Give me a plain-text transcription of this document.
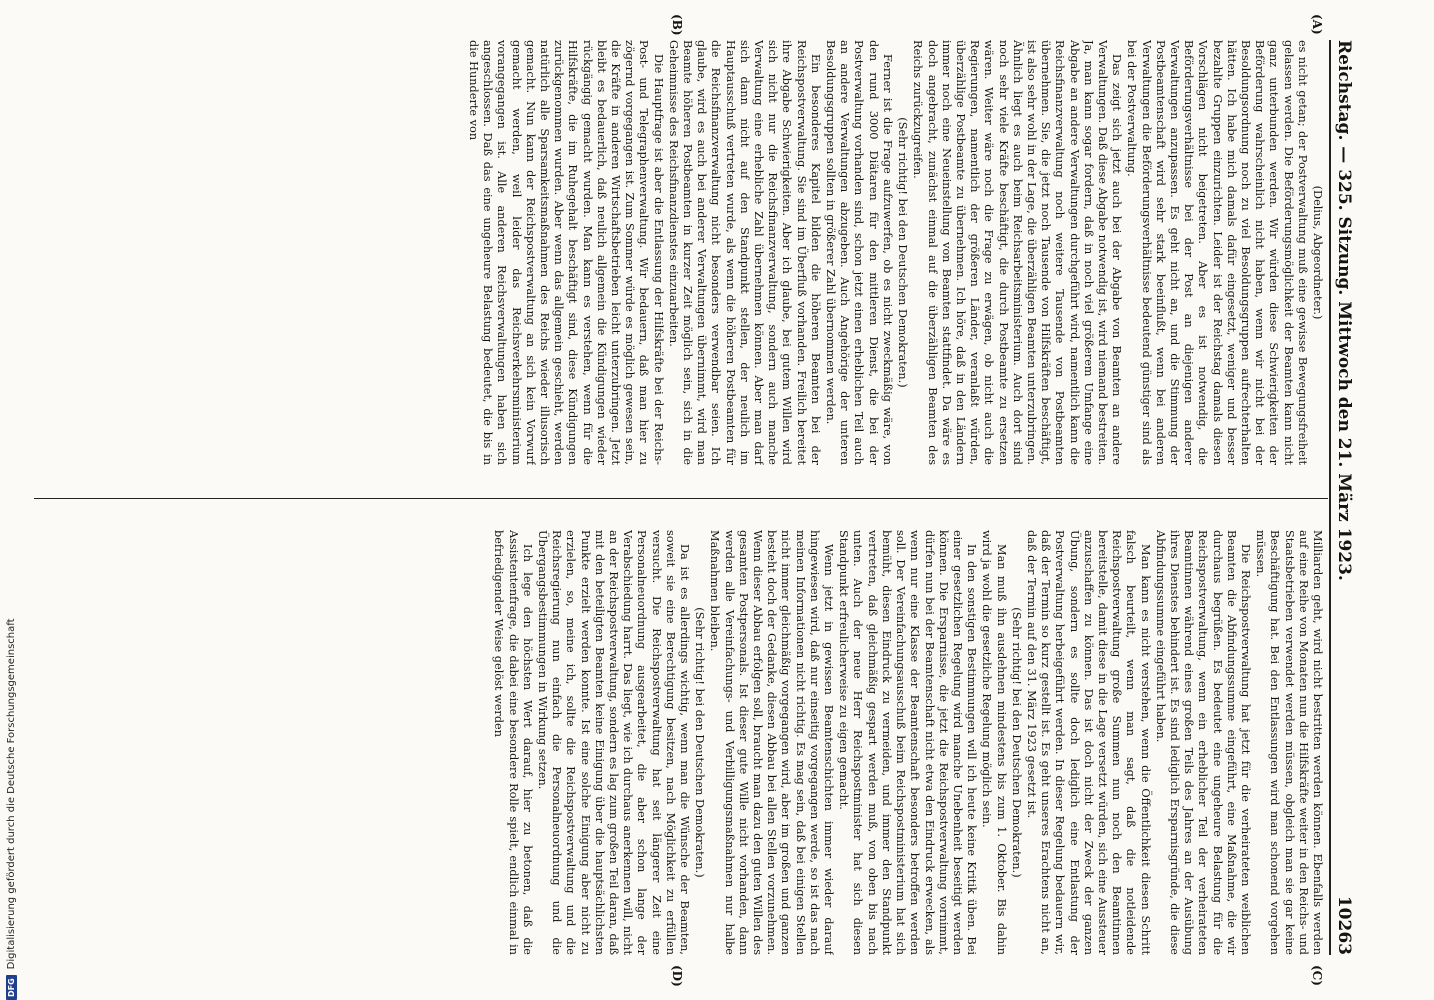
Reichstag. — 325. Sitzung. Mittwoch den 21. März 1923.
10263
(A)
(B)
(C)
(D)

(Delius, Abgeordneter.)

es nicht getan; der Postverwaltung muß eine gewisse Bewegungsfreiheit gelassen werden. Die Beförderungsmöglichkeit der Beamten kann nicht ganz unterbunden werden. Wir würden diese Schwierigkeiten der Beförderung wahrscheinlich nicht haben, wenn wir nicht bei der Besoldungsordnung noch zu viel Besoldungsgruppen aufrechterhalten hätten. Ich habe mich damals dafür eingesetzt, weniger und besser bezahlte Gruppen einzurichten. Leider ist der Reichstag damals diesen Vorschlägen nicht beigetreten. Aber es ist notwendig, die Beförderungsverhältnisse bei der Post an diejenigen anderer Verwaltungen anzupassen. Es geht nicht an, und die Stimmung der Postbeamtenschaft wird sehr stark beeinflußt, wenn bei anderen Verwaltungen die Beförderungsverhältnisse bedeutend günstiger sind als bei der Postverwaltung.

Das zeigt sich jetzt auch bei der Abgabe von Beamten an andere Verwaltungen. Daß diese Abgabe notwendig ist, wird niemand bestreiten. Ja, man kann sogar fordern, daß in noch viel größerem Umfange eine Abgabe an andere Verwaltungen durchgeführt wird, namentlich kann die Reichsfinanzverwaltung noch weitere Tausende von Postbeamten übernehmen. Sie, die jetzt noch Tausende von Hilfskräften beschäftigt, ist also sehr wohl in der Lage, die überzähligen Beamten unterzubringen. Ähnlich liegt es auch beim Reichsarbeitsministerium. Auch dort sind noch sehr viele Kräfte beschäftigt, die durch Postbeamte zu ersetzen wären. Weiter wäre noch die Frage zu erwägen, ob nicht auch die Regierungen, namentlich der größeren Länder, veranlaßt würden, überzählige Postbeamte zu übernehmen. Ich höre, daß in den Ländern immer noch eine Neueinstellung von Beamten stattfindet. Da wäre es doch angebracht, zunächst einmal auf die überzähligen Beamten des Reichs zurückzugreifen.

(Sehr richtig! bei den Deutschen Demokraten.)

Ferner ist die Frage aufzuwerfen, ob es nicht zweckmäßig wäre, von den rund 3000 Diätaren für den mittleren Dienst, die bei der Postverwaltung vorhanden sind, schon jetzt einen erheblichen Teil auch an andere Verwaltungen abzugeben. Auch Angehörige der unteren Besoldungsgruppen sollten in größerer Zahl übernommen werden.

Ein besonderes Kapitel bilden die höheren Beamten bei der Reichspostverwaltung. Sie sind im Überfluß vorhanden. Freilich bereitet ihre Abgabe Schwierigkeiten. Aber ich glaube, bei gutem Willen wird sich nicht nur die Reichsfinanzverwaltung, sondern auch manche Verwaltung eine erhebliche Zahl übernehmen können. Aber man darf sich dann nicht auf den Standpunkt stellen, der neulich im Hauptausschuß vertreten wurde, als wenn die höheren Postbeamten für die Reichsfinanzverwaltung nicht besonders verwendbar seien. Ich glaube, wird es auch bei anderer Verwaltungen übernimmt, wird man Beamte höheren Postbeamten in kurzer Zeit möglich sein, sich in die Geheimnisse des Reichsfinanzdienstes einzuarbeiten.

Die Hauptfrage ist aber die Entlassung der Hilfskräfte bei der Reichs-Post- und Telegraphenverwaltung. Wir bedauern, daß man hier zu zögernd vorgegangen ist. Zum Sommer würde es möglich gewesen sein, die Kräfte in anderen Wirtschaftsbetrieben leicht unterzubringen. Jetzt bleibt es bedauerlich, daß neulich allgemein die Kündigungen wieder rückgängig gemacht wurden. Man kann es verstehen, wenn für die Hilfskräfte, die im Ruhegehalt beschäftigt sind, diese Kündigungen zurückgenommen wurden. Aber wenn das allgemein geschieht, werden natürlich alle Sparsamkeitsmaßnahmen des Reichs wieder illusorisch gemacht. Nun kann der Reichspostverwaltung an sich kein Vorwurf gemacht werden, weil leider das Reichsverkehrsministerium vorangegangen ist. Alle anderen Reichsverwaltungen haben sich angeschlossen. Daß das eine ungeheure Belastung bedeutet, die bis in die Hunderte von

Milliarden geht, wird nicht bestritten werden können. Ebenfalls werden auf eine Reihe von Monaten nun die Hilfskräfte weiter in den Reichs- und Staatsbetrieben verwendet werden müssen, obgleich man sie gar keine Beschäftigung hat. Bei den Entlassungen wird man schonend vorgehen müssen.

Die Reichspostverwaltung hat jetzt für die verheirateten weiblichen Beamten die Abfindungssumme eingeführt, eine Maßnahme, die wir durchaus begrüßen. Es bedeutet eine ungeheure Belastung für die Reichspostverwaltung, wenn ein erheblicher Teil der verheirateten Beamtinnen während eines großen Teils des Jahres an der Ausübung ihres Dienstes behindert ist. Es sind lediglich Ersparnisgründe, die diese Abfindungssumme eingeführt haben.

Man kann es nicht verstehen, wenn die Öffentlichkeit diesen Schritt falsch beurteilt, wenn man sagt, daß die notleidende Reichspostverwaltung große Summen nun noch den Beamtinnen bereitstelle, damit diese in die Lage versetzt würden, sich eine Aussteuer anzuschaffen zu können. Das ist doch nicht der Zweck der ganzen Übung, sondern es sollte doch lediglich eine Entlastung der Postverwaltung herbeigeführt werden. In dieser Regelung bedauern wir, daß der Termin so kurz gestellt ist. Es geht unseres Erachtens nicht an, daß der Termin auf den 31. März 1923 gesetzt ist.

(Sehr richtig! bei den Deutschen Demokraten.)

Man muß ihn ausdehnen mindestens bis zum 1. Oktober. Bis dahin wird ja wohl die gesetzliche Regelung möglich sein.

In den sonstigen Bestimmungen will ich heute keine Kritik üben. Bei einer gesetzlichen Regelung wird manche Unebenheit beseitigt werden können. Die Ersparnisse, die jetzt die Reichspostverwaltung vornimmt, dürfen nun bei der Beamtenschaft nicht etwa den Eindruck erwecken, als wenn nur eine Klasse der Beamtenschaft besonders betroffen werden soll. Der Vereinfachungsausschuß beim Reichspostministerium hat sich bemüht, diesen Eindruck zu vermeiden, und immer den Standpunkt vertreten, daß gleichmäßig gespart werden muß, von oben bis nach unten. Auch der neue Herr Reichspostminister hat sich diesen Standpunkt erfreulicherweise zu eigen gemacht.

Wenn jetzt in gewissen Beamtenschichten immer wieder darauf hingewiesen wird, daß nur einseitig vorgegangen werde, so ist das nach meinen Informationen nicht richtig. Es mag sein, daß bei einigen Stellen nicht immer gleichmäßig vorgegangen wird, aber im großen und ganzen besteht doch der Gedanke, diesen Abbau bei allen Stellen vorzunehmen. Wenn dieser Abbau erfolgen soll, braucht man dazu den guten Willen des gesamten Postpersonals. Ist dieser gute Wille nicht vorhanden, dann werden alle Vereinfachungs- und Verbilligungsmaßnahmen nur halbe Maßnahmen bleiben.

(Sehr richtig! bei den Deutschen Demokraten.)

Da ist es allerdings wichtig, wenn man die Wünsche der Beamten, soweit sie eine Berechtigung besitzen, nach Möglichkeit zu erfüllen versucht. Die Reichspostverwaltung hat seit längerer Zeit eine Personalneuordnung ausgearbeitet, die aber schon lange der Verabschiedung harrt. Das liegt, wie ich durchaus anerkennen will, nicht an der Reichspostverwaltung, sondern es lag zum großen Teil daran, daß mit den beteiligten Beamten keine Einigung über die hauptsächlichsten Punkte erzielt werden konnte. Ist eine solche Einigung aber nicht zu erzielen, so, meine ich, sollte die Reichspostverwaltung und die Reichsregierung nun einfach die Personalneuordnung und die Übergangsbestimmungen in Wirkung setzen.

Ich lege den höchsten Wert darauf, hier zu betonen, daß die Assistentenfrage, die dabei eine besondere Rolle spielt, endlich einmal in befriedigender Weise gelöst werden

DFG
Digitalisierung gefördert durch die Deutsche Forschungsgemeinschaft
